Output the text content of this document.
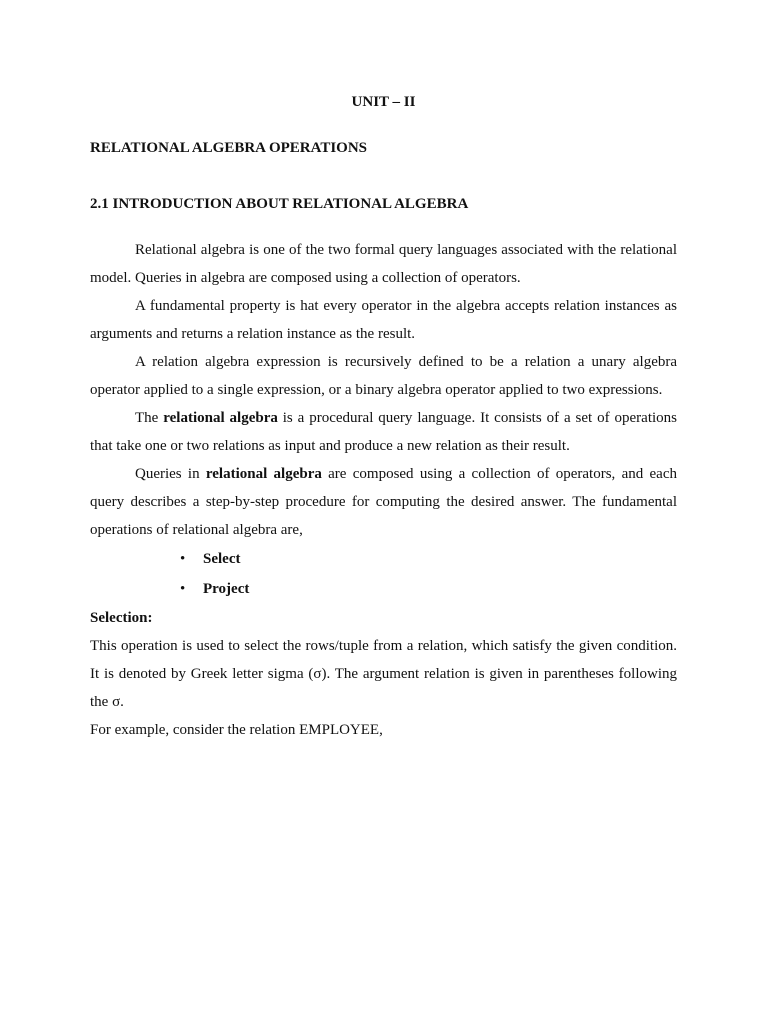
UNIT – II

RELATIONAL ALGEBRA OPERATIONS

2.1 INTRODUCTION ABOUT RELATIONAL ALGEBRA

Relational algebra is one of the two formal query languages associated with the relational model. Queries in algebra are composed using a collection of operators.

A fundamental property is hat every operator in the algebra accepts relation instances as arguments and returns a relation instance as the result.

A relation algebra expression is recursively defined to be a relation a unary algebra operator applied to a single expression, or a binary algebra operator applied to two expressions.

The relational algebra is a procedural query language. It consists of a set of operations that take one or two relations as input and produce a new relation as their result.

Queries in relational algebra are composed using a collection of operators, and each query describes a step-by-step procedure for computing the desired answer. The fundamental operations of relational algebra are,

• Select
• Project

Selection:

This operation is used to select the rows/tuple from a relation, which satisfy the given condition. It is denoted by Greek letter sigma (σ). The argument relation is given in parentheses following the σ.

For example, consider the relation EMPLOYEE,
